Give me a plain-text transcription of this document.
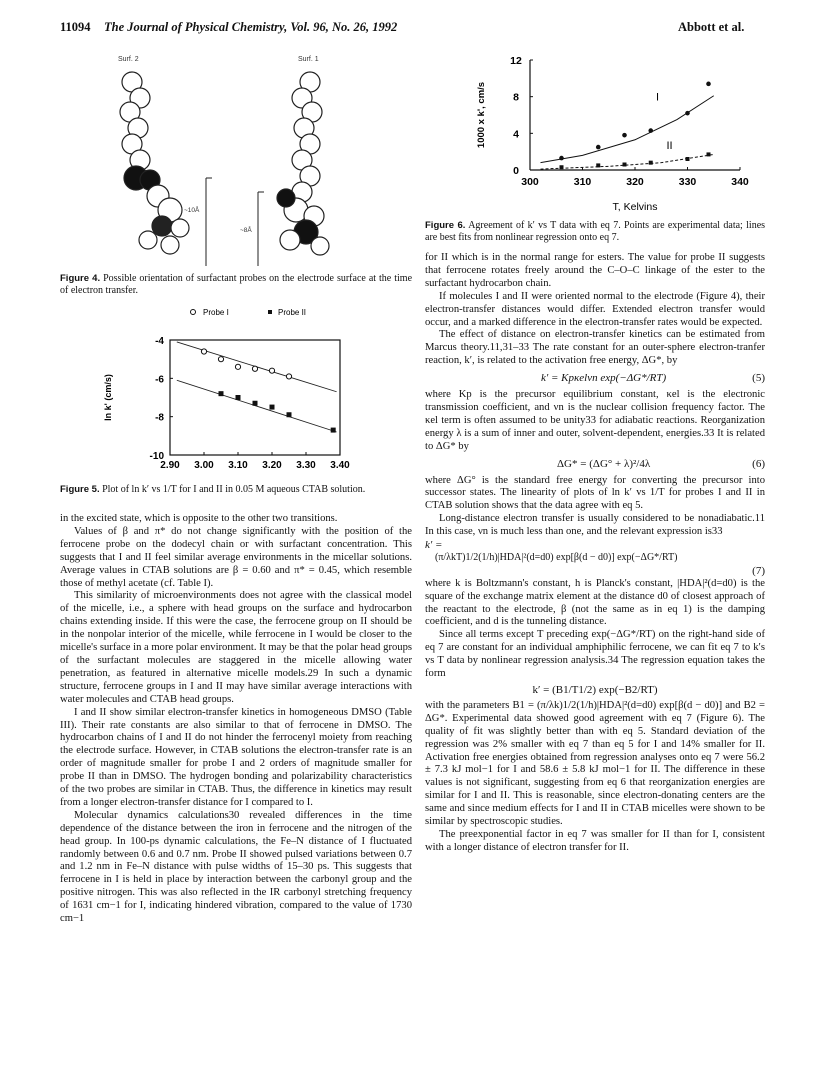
11094 The Journal of Physical Chemistry, Vol. 96, No. 26, 1992	Abbott et al.
Surf. 2	Surf. 1
~10Å
~8Å
Figure 4. Possible orientation of surfactant probes on the electrode surface at the time of electron transfer.
2.90 3.00 3.10 3.20 3.30 3.40
-4
-6
-8
-10
ln k' (cm/s)
Probe I	Probe II
Figure 5. Plot of ln k′ vs 1/T for I and II in 0.05 M aqueous CTAB solution.

in the excited state, which is opposite to the other two transitions.

Values of β and π* do not change significantly with the position of the ferrocene probe on the dodecyl chain or with surfactant concentration. This suggests that I and II feel similar average environments in the micellar solutions. Average values in CTAB solutions are β = 0.60 and π* = 0.45, which resemble those of methyl acetate (cf. Table I).

This similarity of microenvironments does not agree with the classical model of the micelle, i.e., a sphere with head groups on the surface and hydrocarbon chains extending inside. If this were the case, the ferrocene group on II should be in the nonpolar interior of the micelle, while ferrocene in I would be closer to the micelle's surface in a more polar environment. It may be that the polar head groups of the surfactant molecules are staggered in the micelle allowing water penetration, as featured in alternative micelle models.29 In such a dynamic structure, ferrocene groups in I and II may have similar average interactions with water molecules and CTAB head groups.

I and II show similar electron-transfer kinetics in homogeneous DMSO (Table III). Their rate constants are also similar to that of ferrocene in DMSO. The hydrocarbon chains of I and II do not hinder the ferrocenyl moiety from reaching the electrode surface. However, in CTAB solutions the electron-transfer rate is an order of magnitude smaller for probe I and 2 orders of magnitude smaller for probe II than in DMSO. The hydrogen bonding and polarizability characteristics of the two probes are similar in CTAB. Thus, the difference in kinetics may result from a longer electron-transfer distance for I compared to I.

Molecular dynamics calculations30 revealed differences in the time dependence of the distance between the iron in ferrocene and the nitrogen of the head group. In 100-ps dynamic calculations, the Fe–N distance of I fluctuated randomly between 0.6 and 0.7 nm. Probe II showed pulsed variations between 0.7 and 1.2 nm in Fe–N distance with pulse widths of 15–30 ps. This suggests that ferrocene in I is held in place by interaction between the carbonyl group and the positive nitrogen. This was also reflected in the IR carbonyl stretching frequency of 1631 cm−1 for I, indicating hindered vibration, compared to the value of 1730 cm−1

300	310	320	330	340
0
4
8
12
T, Kelvins
1000 x k', cm/s	I
II
Figure 6. Agreement of k′ vs T data with eq 7. Points are experimental data; lines are best fits from nonlinear regression onto eq 7.

for II which is in the normal range for esters. The value for probe II suggests that ferrocene rotates freely around the C–O–C linkage of the ester to the surfactant hydrocarbon chain.

If molecules I and II were oriented normal to the electrode (Figure 4), their electron-transfer distances would differ. Extended electron transfer would occur, and a marked difference in the electron-transfer rates would be expected.

The effect of distance on electron-transfer kinetics can be estimated from Marcus theory.11,31–33 The rate constant for an outer-sphere electron-tranfer reaction, k′, is related to the activation free energy, ΔG*, by

k′ = Kpκelνn exp(−ΔG*/RT)	(5)

where Kp is the precursor equilibrium constant, κel is the electronic transmission coefficient, and νn is the nuclear collision frequency factor. The κel term is often assumed to be unity33 for adiabatic reactions. Reorganization energy λ is a sum of inner and outer, solvent-dependent, energies.33 It is related to ΔG* by

ΔG* = (ΔG° + λ)²/4λ	(6)

where ΔG° is the standard free energy for converting the precursor into successor states. The linearity of plots of ln k′ vs 1/T for probes I and II in CTAB solution shows that the data agree with eq 5.

Long-distance electron transfer is usually considered to be nonadiabatic.11 In this case, νn is much less than one, and the relevant expression is33

k′ =
(π/λkT)1/2(1/h)|HDA|²(d=d0) exp[β(d − d0)] exp(−ΔG*/RT)
(7)

where k is Boltzmann's constant, h is Planck's constant, |HDA|²(d=d0) is the square of the exchange matrix element at the distance d0 of closest approach of the reactant to the electrode, β (not the same as in eq 1) is the damping coefficient, and d is the tunneling distance.

Since all terms except T preceding exp(−ΔG*/RT) on the right-hand side of eq 7 are constant for an individual amphiphilic ferrocene, we can fit eq 7 to k′s vs T data by nonlinear regression analysis.34 The regression equation takes the form

k′ = (B1/T1/2) exp(−B2/RT)

with the parameters B1 = (π/λk)1/2(1/h)|HDA|²(d=d0) exp[β(d − d0)] and B2 = ΔG*. Experimental data showed good agreement with eq 7 (Figure 6). The quality of fit was slightly better than with eq 5. Standard deviation of the regression was 2% smaller with eq 7 than eq 5 for I and 14% smaller for II. Activation free energies obtained from regression analyses onto eq 7 were 56.2 ± 7.3 kJ mol−1 for I and 58.6 ± 5.8 kJ mol−1 for II. The difference in these values is not significant, suggesting from eq 6 that reorganization energies are similar for I and II. This is reasonable, since electron-donating centers are the same and since medium effects for I and II in CTAB micelles were shown to be similar by spectroscopic studies.

The preexponential factor in eq 7 was smaller for II than for I, consistent with a longer distance of electron transfer for II.
